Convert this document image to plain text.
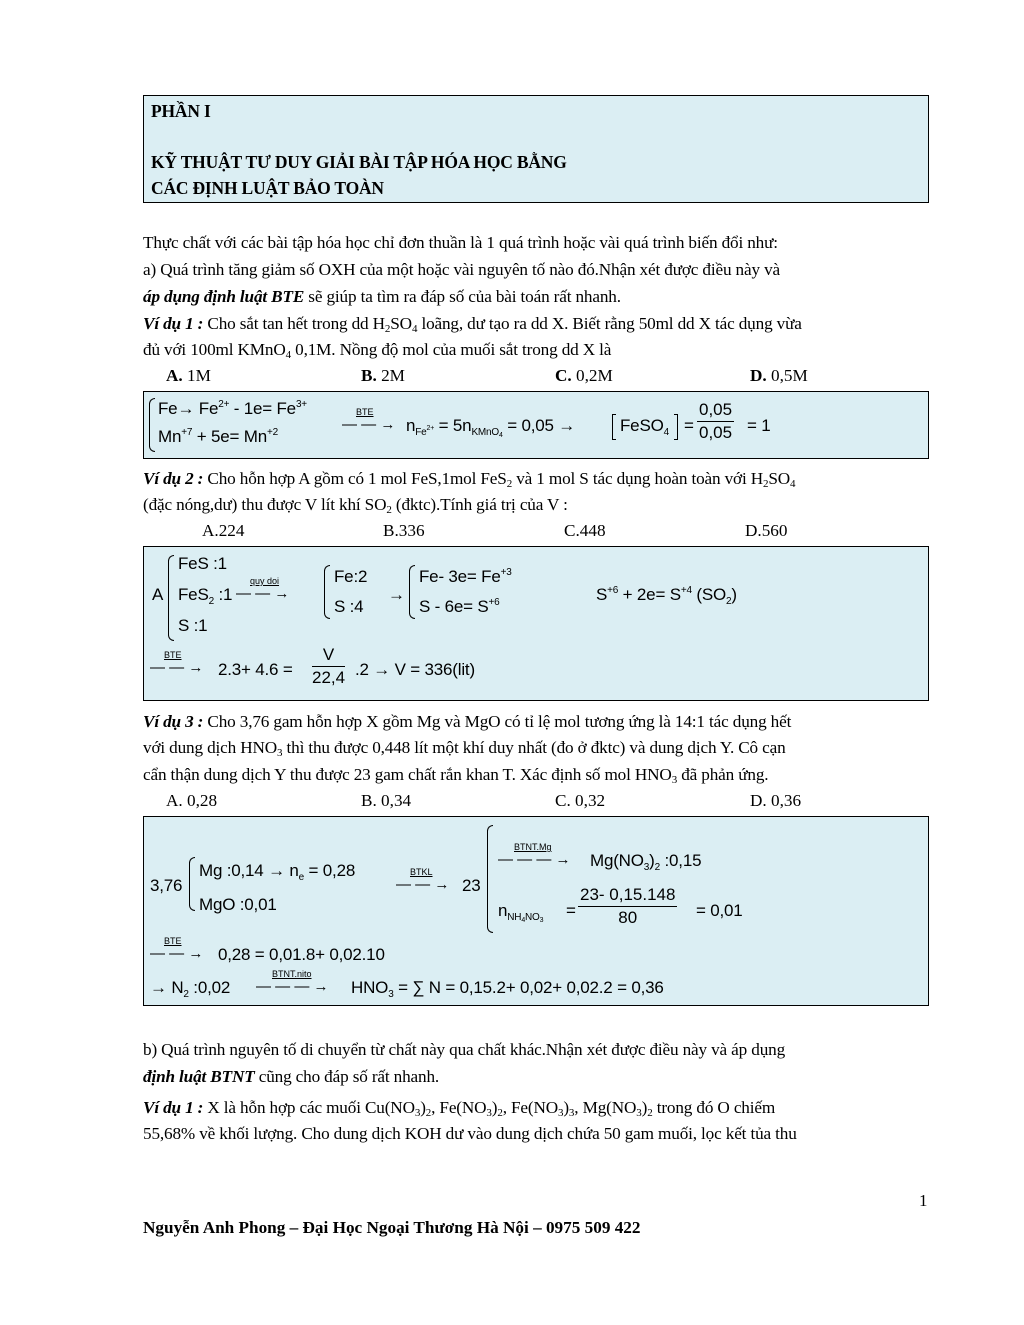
PHẦN I
KỸ THUẬT TƯ DUY GIẢI BÀI TẬP HÓA HỌC BẰNG
CÁC ĐỊNH LUẬT BẢO TOÀN
Thực chất với các bài tập hóa học chỉ đơn thuần là 1 quá trình hoặc vài quá trình biến đổi như:
a) Quá trình tăng giảm số OXH của một hoặc vài nguyên tố nào đó.Nhận xét được điều này và
áp dụng định luật BTE sẽ giúp ta tìm ra đáp số của bài toán rất nhanh.
Ví dụ 1 : Cho sắt tan hết trong dd $H_2SO_4$ loãng, dư tạo ra dd X. Biết rằng 50ml dd X tác dụng vừa
đủ với 100ml KMnO$_4$ 0,1M. Nồng độ mol của muối sắt trong dd X là
A. 1M	B. 2M	C. 0,2M	D. 0,5M
$Fe\to Fe^{2+} - 1e= Fe^{3+}$
$Mn^{+7} + 5e= Mn^{+2}$	— — →
BTE
$n_{Fe^{2+}} = 5n_{KMnO_4} = 0,05$ →	FeSO$_4$ = $\frac{0,05}{0,05} = 1$
Ví dụ 2 : Cho hỗn hợp A gồm có 1 mol FeS,1mol FeS$_2$ và 1 mol S tác dụng hoàn toàn với $H_2SO_4$
(đặc nóng,dư) thu được V lít khí $SO_2$ (đktc).Tính giá trị của V :
A.224	B.336	C.448	D.560
A
FeS :1
FeS$_2$ :1
S :1
— — →
quy doi	Fe:2
S :4
→
Fe- $3e= Fe^{+3}$
$S - 6e= S^{+6}$	$S^{+6} + 2e= S^{+4}$ $(SO_2)$
— — →
BTE
$2.3+ 4.6 = \frac{V}{22,4} .2 \to V = 336(lit)$
Ví dụ 3 : Cho 3,76 gam hỗn hợp X gồm Mg và MgO có tỉ lệ mol tương ứng là 14:1 tác dụng hết
với dung dịch $HNO_3$ thì thu được 0,448 lít một khí duy nhất (đo ở đktc) và dung dịch Y. Cô cạn
cẩn thận dung dịch Y thu được 23 gam chất rắn khan T. Xác định số mol $HNO_3$ đã phản ứng.
A. 0,28	B. 0,34	C. 0,32	D. 0,36
3,76
Mg :0,14 → $n_e = 0,28$
MgO :0,01
— — →
BTKL
23
— — — →
BTNT.Mg
$Mg(NO_3)_2$ :0,15
$n_{NH_4NO_3}$
= $\frac{23- 0,15.148}{80} = 0,01$
— — →
BTE
0,28 = 0,01.8+ 0,02.10
→ $N_2$ :0,02 — — — →
BTNT.nito
$HNO_3$ = ∑ N = 0,15.2+ 0,02+ 0,02.2 = 0,36
b) Quá trình nguyên tố di chuyển từ chất này qua chất khác.Nhận xét được điều này và áp dụng
định luật BTNT cũng cho đáp số rất nhanh.
Ví dụ 1 : X là hỗn hợp các muối $Cu(NO_3)_2$, $Fe(NO_3)_2$, $Fe(NO_3)_3$, $Mg(NO_3)_2$ trong đó O chiếm
55,68% về khối lượng. Cho dung dịch KOH dư vào dung dịch chứa 50 gam muối, lọc kết tủa thu
1
Nguyễn Anh Phong – Đại Học Ngoại Thương Hà Nội – 0975 509 422
